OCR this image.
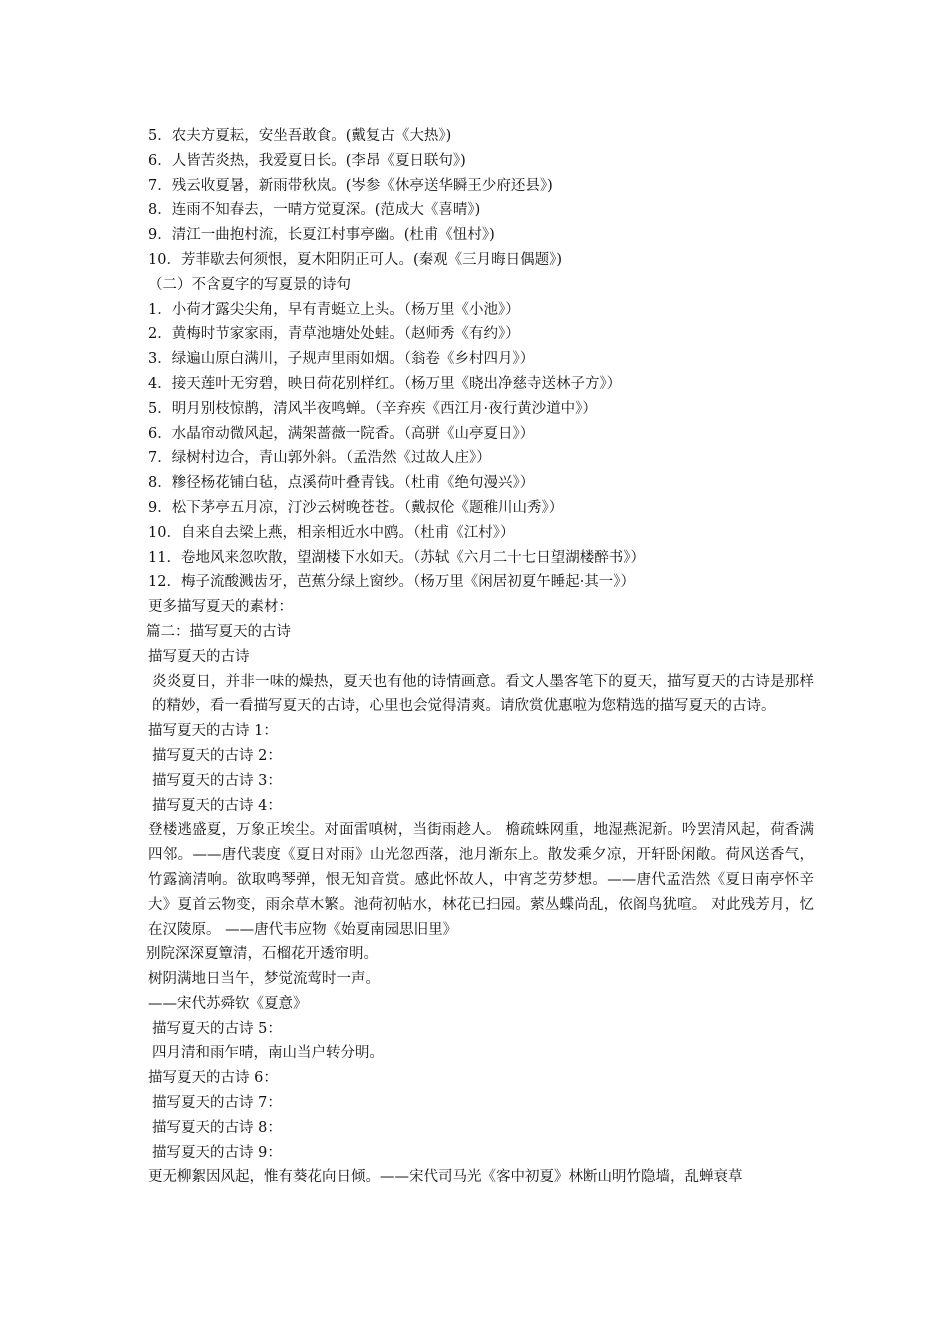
5．农夫方夏耘，安坐吾敢食。(戴复古《大热》)
6．人皆苦炎热，我爱夏日长。(李昂《夏日联句》)
7．残云收夏暑，新雨带秋岚。(岑参《休亭送华瞬王少府还县》)
8．连雨不知春去，一晴方觉夏深。(范成大《喜晴》)
9．清江一曲抱村流，长夏江村事亭幽。(杜甫《忸村》)
10．芳菲歇去何须恨，夏木阳阴正可人。(秦观《三月晦日偶题》)
（二）不含夏字的写夏景的诗句
1．小荷才露尖尖角，早有青蜓立上头。（杨万里《小池》）
2．黄梅时节家家雨，青草池塘处处蛙。（赵师秀《有约》）
3．绿遍山原白满川，子规声里雨如烟。（翁卷《乡村四月》）
4．接天莲叶无穷碧，映日荷花别样红。（杨万里《晓出净慈寺送林子方》）
5．明月别枝惊鹊，清风半夜鸣蝉。（辛弃疾《西江月·夜行黄沙道中》）
6．水晶帘动微风起，满架蔷薇一院香。（高骈《山亭夏日》）
7．绿树村边合，青山郭外斜。（孟浩然《过故人庄》）
8．糁径杨花铺白毡，点溪荷叶叠青钱。（杜甫《绝句漫兴》）
9．松下茅亭五月凉，汀沙云树晚苍苍。（戴叔伦《题稚川山秀》）
10．自来自去梁上燕，相亲相近水中鸥。（杜甫《江村》）
11．卷地风来忽吹散，望湖楼下水如天。（苏轼《六月二十七日望湖楼醉书》）
12．梅子流酸溅齿牙，芭蕉分绿上窗纱。（杨万里《闲居初夏午睡起·其一》）
更多描写夏天的素材：
篇二：描写夏天的古诗
描写夏天的古诗
炎炎夏日，并非一味的燥热，夏天也有他的诗情画意。看文人墨客笔下的夏天，描写夏天的古诗是那样的精妙，看一看描写夏天的古诗，心里也会觉得清爽。请欣赏优惠啦为您精选的描写夏天的古诗。
描写夏天的古诗 1：
描写夏天的古诗 2：
描写夏天的古诗 3：
描写夏天的古诗 4：
登楼逃盛夏，万象正埃尘。对面雷嗔树，当街雨趁人。 檐疏蛛网重，地湿燕泥新。吟罢清风起，荷香满四邻。——唐代裴度《夏日对雨》山光忽西落，池月渐东上。散发乘夕凉，开轩卧闲敞。荷风送香气，竹露滴清响。欲取鸣琴弹，恨无知音赏。感此怀故人，中宵芝劳梦想。——唐代孟浩然《夏日南亭怀辛大》夏首云物变，雨余草木繁。池荷初帖水，林花已扫园。萦丛蝶尚乱，依阁鸟犹喧。 对此残芳月，忆在汉陵原。 ——唐代韦应物《始夏南园思旧里》
别院深深夏簟清，石榴花开透帘明。
树阴满地日当午，梦觉流莺时一声。
——宋代苏舜钦《夏意》
描写夏天的古诗 5：
四月清和雨乍晴，南山当户转分明。
描写夏天的古诗 6：
描写夏天的古诗 7：
描写夏天的古诗 8：
描写夏天的古诗 9：
更无柳絮因风起，惟有葵花向日倾。——宋代司马光《客中初夏》林断山明竹隐墙，乱蝉衰草
